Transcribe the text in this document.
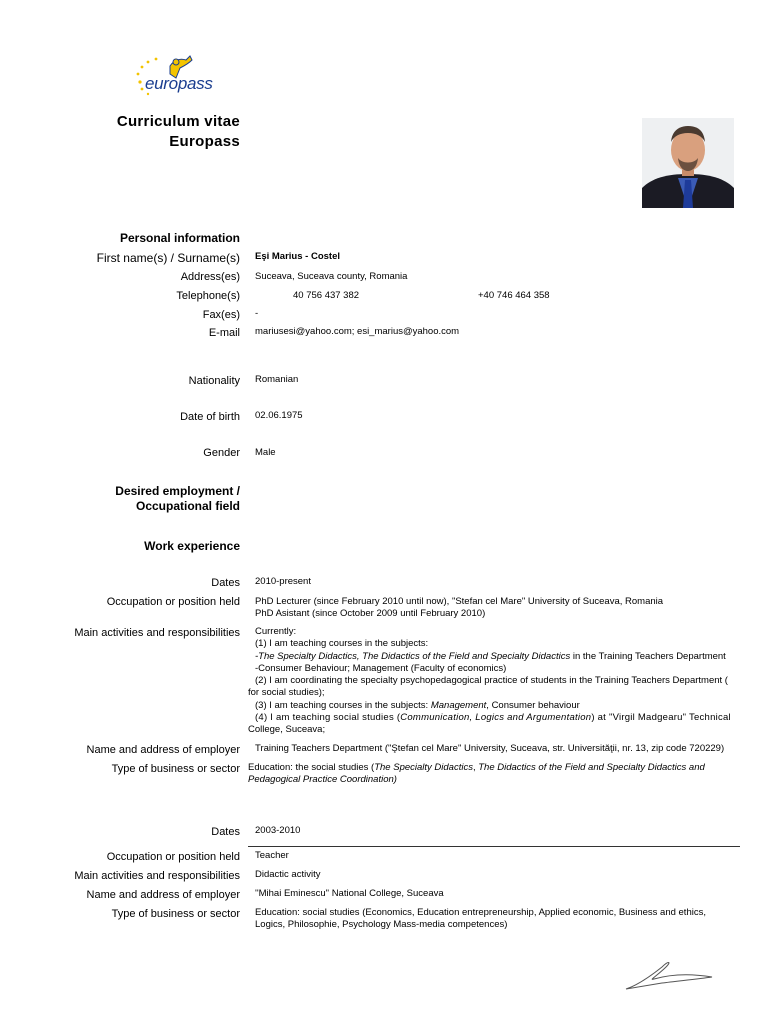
europass
Curriculum vitae
Europass
Personal information
First name(s) / Surname(s) Eşi Marius - Costel
Address(es) Suceava, Suceava county, Romania
Telephone(s)	40 756 437 382	+40 746 464 358
Fax(es) -
E-mail mariusesi@yahoo.com; esi_marius@yahoo.com
Nationality Romanian
Date of birth 02.06.1975
Gender Male
Desired employment /
Occupational field
Work experience
Dates 2010-present
Occupation or position held PhD Lecturer (since February 2010 until now), "Stefan cel Mare" University of Suceava, Romania
PhD Asistant (since October 2009 until February 2010)
Main activities and responsibilities	Currently:
(1) I am teaching courses in the subjects:
-The Specialty Didactics, The Didactics of the Field and Specialty Didactics in the Training Teachers Department
-Consumer Behaviour; Management (Faculty of economics)
(2) I am coordinating the specialty psychopedagogical practice of students in the Training Teachers Department (
for social studies);
(3) I am teaching courses in the subjects: Management, Consumer behaviour
(4) I am teaching social studies (Communication, Logics and Argumentation) at "Virgil Madgearu" Technical
College, Suceava;
Name and address of employer Training Teachers Department ("Ştefan cel Mare" University, Suceava, str. Universităţii, nr. 13, zip code 720229)
Type of business or sector Education: the social studies (The Specialty Didactics, The Didactics of the Field and Specialty Didactics and
Pedagogical Practice Coordination)
Dates 2003-2010
Occupation or position held Teacher
Main activities and responsibilities Didactic activity
Name and address of employer ''Mihai Eminescu" National College, Suceava
Type of business or sector Education: social studies (Economics, Education entrepreneurship, Applied economic, Business and ethics,
Logics, Philosophie, Psychology Mass-media competences)
